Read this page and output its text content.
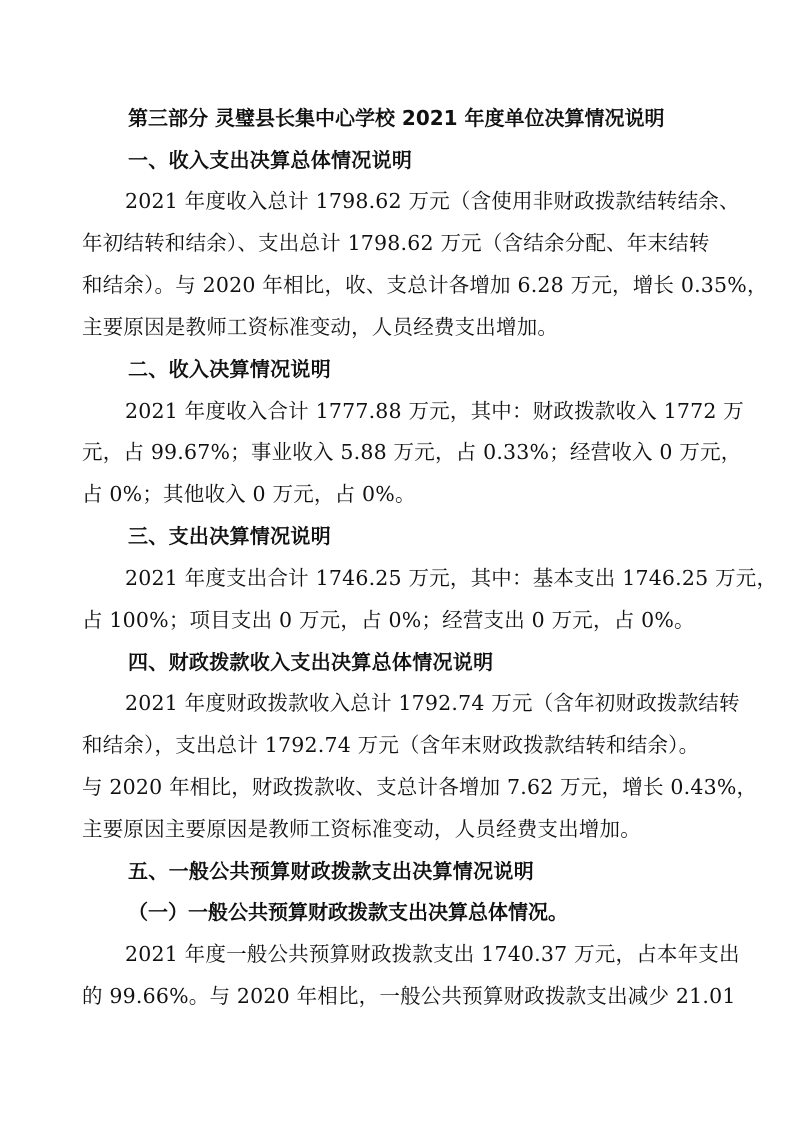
第三部分 灵璧县长集中心学校 2021 年度单位决算情况说明
一、收入支出决算总体情况说明
2021 年度收入总计 1798.62 万元（含使用非财政拨款结转结余、
年初结转和结余）、支出总计 1798.62 万元（含结余分配、年末结转
和结余）。与 2020 年相比，收、支总计各增加 6.28 万元，增长 0.35%，
主要原因是教师工资标准变动，人员经费支出增加。
二、收入决算情况说明
2021 年度收入合计 1777.88 万元，其中：财政拨款收入 1772 万
元，占 99.67%；事业收入 5.88 万元，占 0.33%；经营收入 0 万元，
占 0%；其他收入 0 万元，占 0%。
三、支出决算情况说明
2021 年度支出合计 1746.25 万元，其中：基本支出 1746.25 万元，
占 100%；项目支出 0 万元，占 0%；经营支出 0 万元，占 0%。
四、财政拨款收入支出决算总体情况说明
2021 年度财政拨款收入总计 1792.74 万元（含年初财政拨款结转
和结余），支出总计 1792.74 万元（含年末财政拨款结转和结余）。
与 2020 年相比，财政拨款收、支总计各增加 7.62 万元，增长 0.43%，
主要原因主要原因是教师工资标准变动，人员经费支出增加。
五、一般公共预算财政拨款支出决算情况说明
（一）一般公共预算财政拨款支出决算总体情况。
2021 年度一般公共预算财政拨款支出 1740.37 万元，占本年支出
的 99.66%。与 2020 年相比，一般公共预算财政拨款支出减少 21.01
